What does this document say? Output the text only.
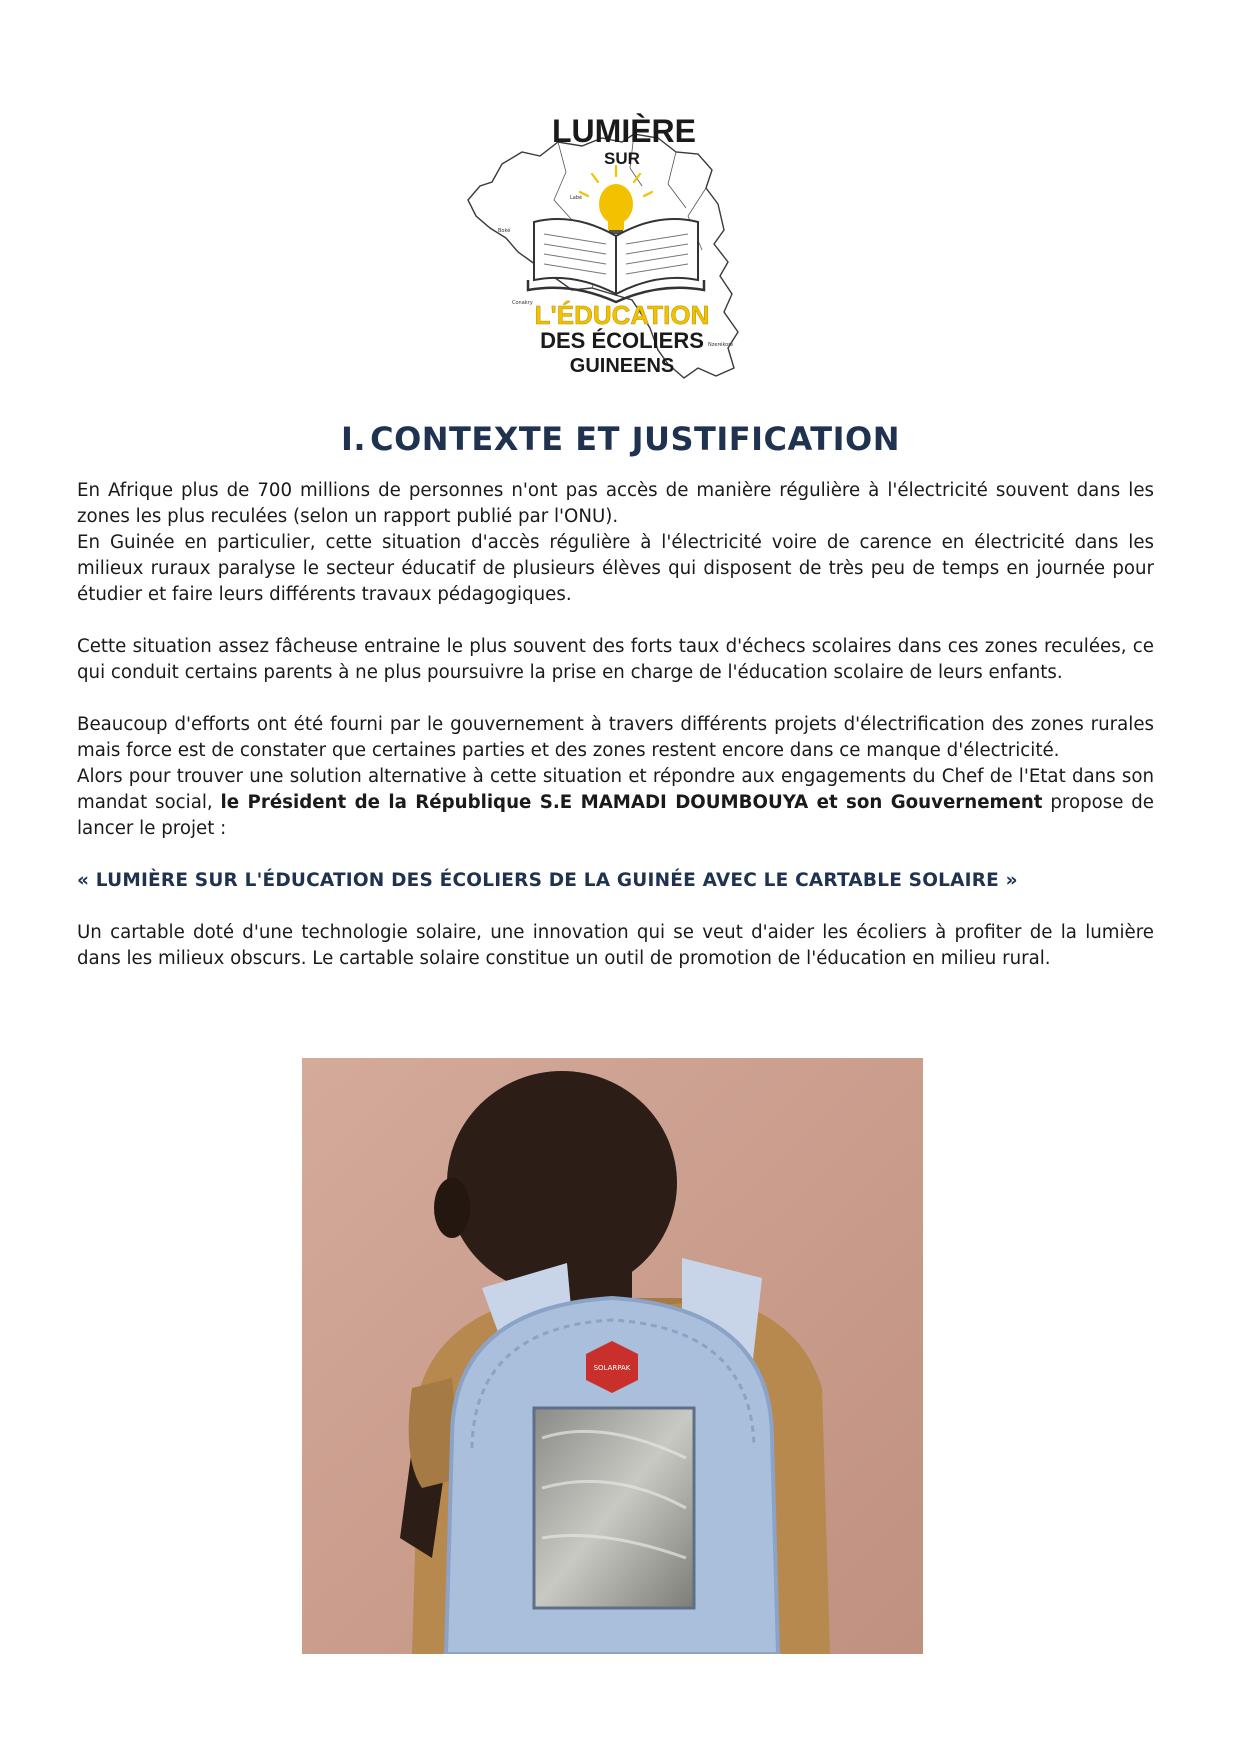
Labé
Boké
Conakry
Nzerékoré
LUMIÈRE
SUR
L'ÉDUCATION
DES ÉCOLIERS
GUINEENS
I. CONTEXTE ET JUSTIFICATION

En Afrique plus de 700 millions de personnes n'ont pas accès de manière régulière à l'électricité souvent dans les zones les plus reculées (selon un rapport publié par l'ONU).

En Guinée en particulier, cette situation d'accès régulière à l'électricité voire de carence en électricité dans les milieux ruraux paralyse le secteur éducatif de plusieurs élèves qui disposent de très peu de temps en journée pour étudier et faire leurs différents travaux pédagogiques.

Cette situation assez fâcheuse entraine le plus souvent des forts taux d'échecs scolaires dans ces zones reculées, ce qui conduit certains parents à ne plus poursuivre la prise en charge de l'éducation scolaire de leurs enfants.

Beaucoup d'efforts ont été fourni par le gouvernement à travers différents projets d'électrification des zones rurales mais force est de constater que certaines parties et des zones restent encore dans ce manque d'électricité.

Alors pour trouver une solution alternative à cette situation et répondre aux engagements du Chef de l'Etat dans son mandat social, le Président de la République S.E MAMADI DOUMBOUYA et son Gouvernement propose de lancer le projet :

« LUMIÈRE SUR L'ÉDUCATION DES ÉCOLIERS DE LA GUINÉE AVEC LE CARTABLE SOLAIRE »

Un cartable doté d'une technologie solaire, une innovation qui se veut d'aider les écoliers à profiter de la lumière dans les milieux obscurs. Le cartable solaire constitue un outil de promotion de l'éducation en milieu rural.

SOLARPAK
